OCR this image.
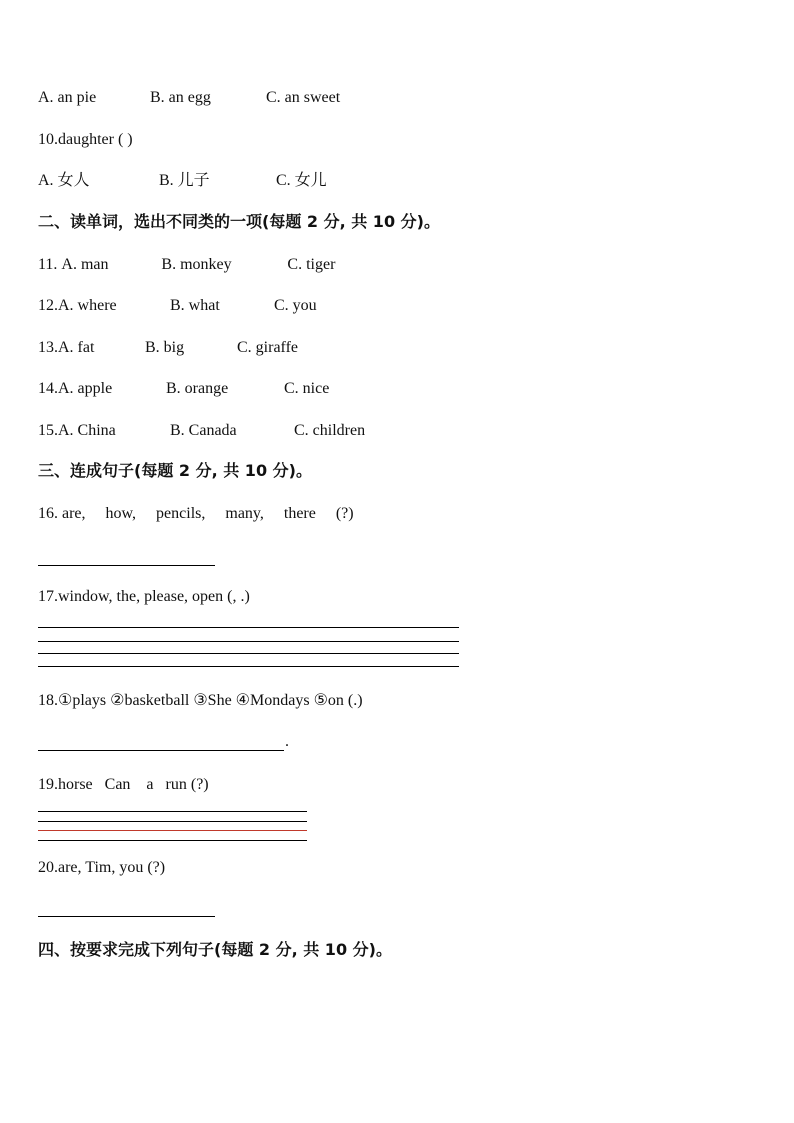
A. an pie	B. an egg	C. an sweet
10.daughter ( )
A. 女人	B. 儿子	C. 女儿
二、读单词，选出不同类的一项(每题 2 分, 共 10 分)。
11. A. man	B. monkey	C. tiger
12.A. where	B. what	C. you
13.A. fat	B. big	C. giraffe
14.A. apple	B. orange	C. nice
15.A. China	B. Canada	C. children
三、连成句子(每题 2 分, 共 10 分)。
16. are,     how,     pencils,     many,     there     (?)
17.window, the, please, open (, .)
18.①plays ②basketball ③She ④Mondays ⑤on (.)
.
19.horse   Can    a   run (?)
20.are, Tim, you (?)
四、按要求完成下列句子(每题 2 分, 共 10 分)。
